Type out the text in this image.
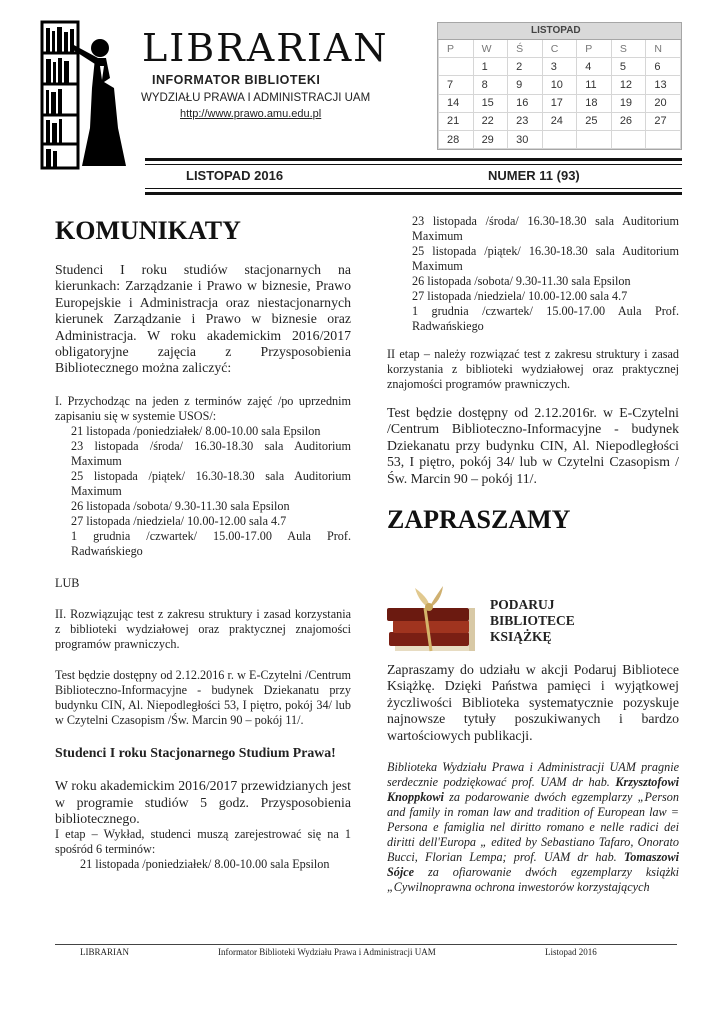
LIBRARIAN
INFORMATOR BIBLIOTEKI
WYDZIAŁU PRAWA I ADMINISTRACJI UAM
http://www.prawo.amu.edu.pl
LISTOPAD
P	W	Ś	C	P	S	N
	1	2	3	4	5	6
7	8	9	10	11	12	13
14	15	16	17	18	19	20
21	22	23	24	25	26	27
28	29	30				
LISTOPAD 2016	NUMER 11 (93)
KOMUNIKATY

Studenci I roku studiów stacjonarnych na kierunkach: Zarządzanie i Prawo w biznesie, Prawo Europejskie i Administracja oraz niestacjonarnych kierunek Zarządzanie i Prawo w biznesie oraz Administracja. W roku akademickim 2016/2017 obligatoryjne zajęcia z Przysposobienia Bibliotecznego można zaliczyć:

I. Przychodząc na jeden z terminów zajęć /po uprzednim zapisaniu się w systemie USOS/:

21 listopada /poniedziałek/ 8.00-10.00 sala Epsilon

23 listopada /środa/ 16.30-18.30 sala Auditorium Maximum

25 listopada /piątek/ 16.30-18.30 sala Auditorium Maximum

26 listopada /sobota/ 9.30-11.30 sala Epsilon

27 listopada /niedziela/ 10.00-12.00 sala 4.7

1 grudnia /czwartek/ 15.00-17.00 Aula Prof. Radwańskiego

LUB

II. Rozwiązując test z zakresu struktury i zasad korzystania z biblioteki wydziałowej oraz praktycznej znajomości programów prawniczych.

Test będzie dostępny od 2.12.2016 r. w E-Czytelni /Centrum Biblioteczno-Informacyjne - budynek Dziekanatu przy budynku CIN, Al. Niepodległości 53, I piętro, pokój 34/ lub w Czytelni Czasopism /Św. Marcin 90 – pokój 11/.

Studenci I roku Stacjonarnego Studium Prawa!

W roku akademickim 2016/2017 przewidzianych jest w programie studiów 5 godz. Przysposobienia bibliotecznego.

I etap – Wykład, studenci muszą zarejestrować się na 1 spośród 6 terminów:

21 listopada /poniedziałek/ 8.00-10.00 sala Epsilon

23 listopada /środa/ 16.30-18.30 sala Auditorium Maximum

25 listopada /piątek/ 16.30-18.30 sala Auditorium Maximum

26 listopada /sobota/ 9.30-11.30 sala Epsilon

27 listopada /niedziela/ 10.00-12.00 sala 4.7

1 grudnia /czwartek/ 15.00-17.00 Aula Prof. Radwańskiego

II etap – należy rozwiązać test z zakresu struktury i zasad korzystania z biblioteki wydziałowej oraz praktycznej znajomości programów prawniczych.

Test będzie dostępny od 2.12.2016r. w E-Czytelni /Centrum Biblioteczno-Informacyjne - budynek Dziekanatu przy budynku CIN, Al. Niepodległości 53, I piętro, pokój 34/ lub w Czytelni Czasopism /Św. Marcin 90 – pokój 11/.

ZAPRASZAMY
PODARUJ
BIBLIOTECE
KSIĄŻKĘ

Zapraszamy do udziału w akcji Podaruj Bibliotece Książkę. Dzięki Państwa pamięci i wyjątkowej życzliwości Biblioteka systematycznie pozyskuje najnowsze tytuły poszukiwanych i bardzo wartościowych publikacji.

Biblioteka Wydziału Prawa i Administracji UAM pragnie serdecznie podziękować prof. UAM dr hab. Krzysztofowi Knoppkowi za podarowanie dwóch egzemplarzy „Person and family in roman law and tradition of European law = Persona e famiglia nel diritto romano e nelle radici dei diritti dell'Europa „ edited by Sebastiano Tafaro, Onorato Bucci, Florian Lempa; prof. UAM dr hab. Tomaszowi Sójce za ofiarowanie dwóch egzemplarzy książki „Cywilnoprawna ochrona inwestorów korzystających

LIBRARIAN	Informator Biblioteki Wydziału Prawa i Administracji UAM	Listopad 2016
